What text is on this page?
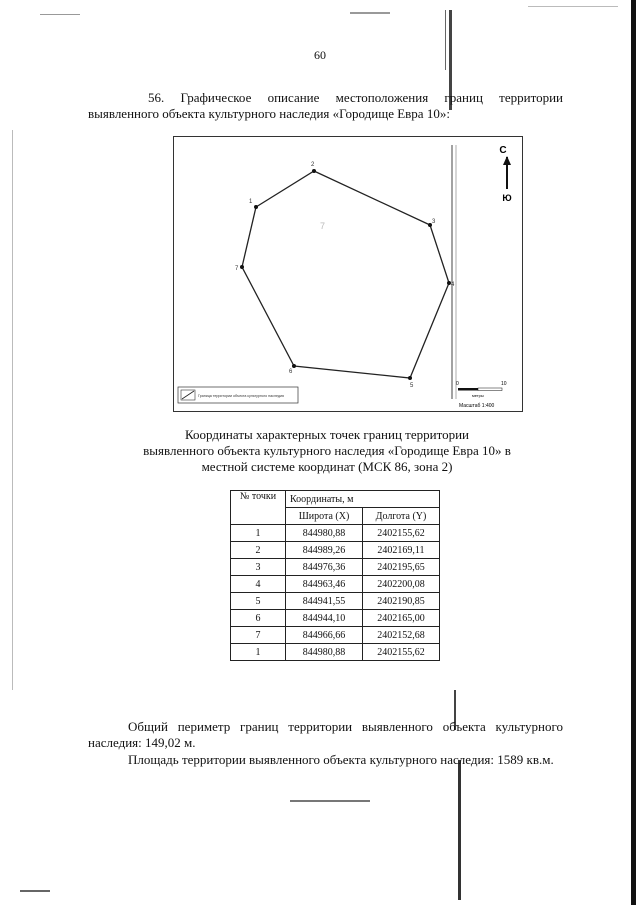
60
56. Графическое описание местоположения границ территории выявленного объекта культурного наследия «Городище Евра 10»:
1
2
3
4
5
6
7
7
С
Ю
Граница территории объекта культурного наследия
0	10
метры
Масштаб 1:400
Координаты характерных точек границ территории
выявленного объекта культурного наследия «Городище Евра 10» в
местной системе координат (МСК 86, зона 2)
№ точки	Координаты, м	
	Широта (X)	Долгота (Y)
1	844980,88	2402155,62
2	844989,26	2402169,11
3	844976,36	2402195,65
4	844963,46	2402200,08
5	844941,55	2402190,85
6	844944,10	2402165,00
7	844966,66	2402152,68
1	844980,88	2402155,62
Общий периметр границ территории выявленного объекта культурного наследия: 149,02 м.
Площадь территории выявленного объекта культурного наследия: 1589 кв.м.
